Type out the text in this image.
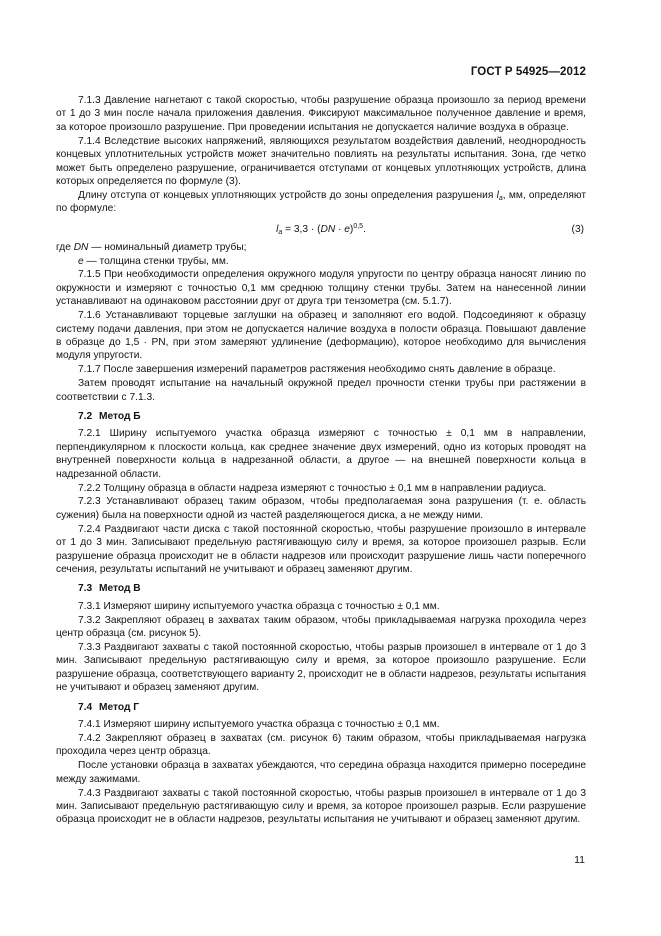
ГОСТ Р 54925—2012

7.1.3 Давление нагнетают с такой скоростью, чтобы разрушение образца произошло за период времени от 1 до 3 мин после начала приложения давления. Фиксируют максимальное полученное давление и время, за которое произошло разрушение. При проведении испытания не допускается наличие воздуха в образце.

7.1.4 Вследствие высоких напряжений, являющихся результатом воздействия давлений, неоднородность концевых уплотнительных устройств может значительно повлиять на результаты испытания. Зона, где четко может быть определено разрушение, ограничивается отступами от концевых уплотняющих устройств, длина которых определяется по формуле (3).

Длину отступа от концевых уплотняющих устройств до зоны определения разрушения $l_a$, мм, определяют по формуле:

$l_a = 3,3 \cdot (DN \cdot e)^{0,5}$.	(3)

где DN — номинальный диаметр трубы;

e — толщина стенки трубы, мм.

7.1.5 При необходимости определения окружного модуля упругости по центру образца наносят линию по окружности и измеряют с точностью 0,1 мм среднюю толщину стенки трубы. Затем на нанесенной линии устанавливают на одинаковом расстоянии друг от друга три тензометра (см. 5.1.7).

7.1.6 Устанавливают торцевые заглушки на образец и заполняют его водой. Подсоединяют к образцу систему подачи давления, при этом не допускается наличие воздуха в полости образца. Повышают давление в образце до 1,5 · PN, при этом замеряют удлинение (деформацию), которое необходимо для вычисления модуля упругости.

7.1.7 После завершения измерений параметров растяжения необходимо снять давление в образце.

Затем проводят испытание на начальный окружной предел прочности стенки трубы при растяжении в соответствии с 7.1.3.

7.2 Метод Б

7.2.1 Ширину испытуемого участка образца измеряют с точностью ± 0,1 мм в направлении, перпендикулярном к плоскости кольца, как среднее значение двух измерений, одно из которых проводят на внутренней поверхности кольца в надрезанной области, а другое — на внешней поверхности кольца в надрезанной области.

7.2.2 Толщину образца в области надреза измеряют с точностью ± 0,1 мм в направлении радиуса.

7.2.3 Устанавливают образец таким образом, чтобы предполагаемая зона разрушения (т. е. область сужения) была на поверхности одной из частей разделяющегося диска, а не между ними.

7.2.4 Раздвигают части диска с такой постоянной скоростью, чтобы разрушение произошло в интервале от 1 до 3 мин. Записывают предельную растягивающую силу и время, за которое произошел разрыв. Если разрушение образца происходит не в области надрезов или происходит разрушение лишь части поперечного сечения, результаты испытаний не учитывают и образец заменяют другим.

7.3 Метод В

7.3.1 Измеряют ширину испытуемого участка образца с точностью ± 0,1 мм.

7.3.2 Закрепляют образец в захватах таким образом, чтобы прикладываемая нагрузка проходила через центр образца (см. рисунок 5).

7.3.3 Раздвигают захваты с такой постоянной скоростью, чтобы разрыв произошел в интервале от 1 до 3 мин. Записывают предельную растягивающую силу и время, за которое произошло разрушение. Если разрушение образца, соответствующего варианту 2, происходит не в области надрезов, результаты испытания не учитывают и образец заменяют другим.

7.4 Метод Г

7.4.1 Измеряют ширину испытуемого участка образца с точностью ± 0,1 мм.

7.4.2 Закрепляют образец в захватах (см. рисунок 6) таким образом, чтобы прикладываемая нагрузка проходила через центр образца.

После установки образца в захватах убеждаются, что середина образца находится примерно посередине между зажимами.

7.4.3 Раздвигают захваты с такой постоянной скоростью, чтобы разрыв произошел в интервале от 1 до 3 мин. Записывают предельную растягивающую силу и время, за которое произошел разрыв. Если разрушение образца происходит не в области надрезов, результаты испытания не учитывают и образец заменяют другим.

11
